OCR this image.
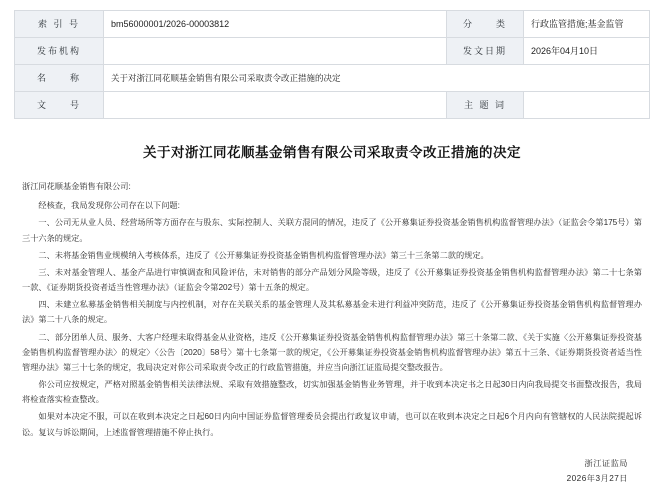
索 引 号	bm56000001/2026-00003812	分　　类	行政监管措施;基金监管
发布机构		发文日期	2026年04月10日
名　　称	关于对浙江同花顺基金销售有限公司采取责令改正措施的决定		
文　　号		主 题 词	
关于对浙江同花顺基金销售有限公司采取责令改正措施的决定

浙江同花顺基金销售有限公司:

经核查，我局发现你公司存在以下问题:

一、公司无从业人员、经营场所等方面存在与股东、实际控制人、关联方混同的情况，违反了《公开募集证券投资基金销售机构监督管理办法》（证监会令第175号）第三十六条的规定。

二、未将基金销售业规模纳入考核体系，违反了《公开募集证券投资基金销售机构监督管理办法》第三十三条第二款的规定。

三、未对基金管理人、基金产品进行审慎调查和风险评估，未对销售的部分产品划分风险等级，违反了《公开募集证券投资基金销售机构监督管理办法》第二十七条第一款、《证券期货投资者适当性管理办法》（证监会令第202号）第十五条的规定。

四、未建立私募基金销售相关制度与内控机制，对存在关联关系的基金管理人及其私募基金未进行利益冲突防范，违反了《公开募集证券投资基金销售机构监督管理办法》第二十八条的规定。

二、部分团单人员、服务、大客户经理未取得基金从业资格，违反《公开募集证券投资基金销售机构监督管理办法》第三十条第二款、《关于实施〈公开募集证券投资基金销售机构监督管理办法〉的规定〉〈公告〔2020〕58号〉第十七条第一款的规定，《公开募集证券投资基金销售机构监督管理办法》第五十三条、《证券期货投资者适当性管理办法》第三十七条的规定，我局决定对你公司采取责令改正的行政监管措施，并应当向浙江证监局提交整改报告。

你公司应按规定，严格对照基金销售相关法律法规、采取有效措施整改，切实加强基金销售业务管理，并于收到本决定书之日起30日内向我局提交书面整改报告，我局将检查落实检查整改。

如果对本决定不服，可以在收到本决定之日起60日内向中国证券监督管理委员会提出行政复议申请，也可以在收到本决定之日起6个月内向有管辖权的人民法院提起诉讼。复议与诉讼期间，上述监督管理措施不停止执行。

浙江证监局
2026年3月27日
